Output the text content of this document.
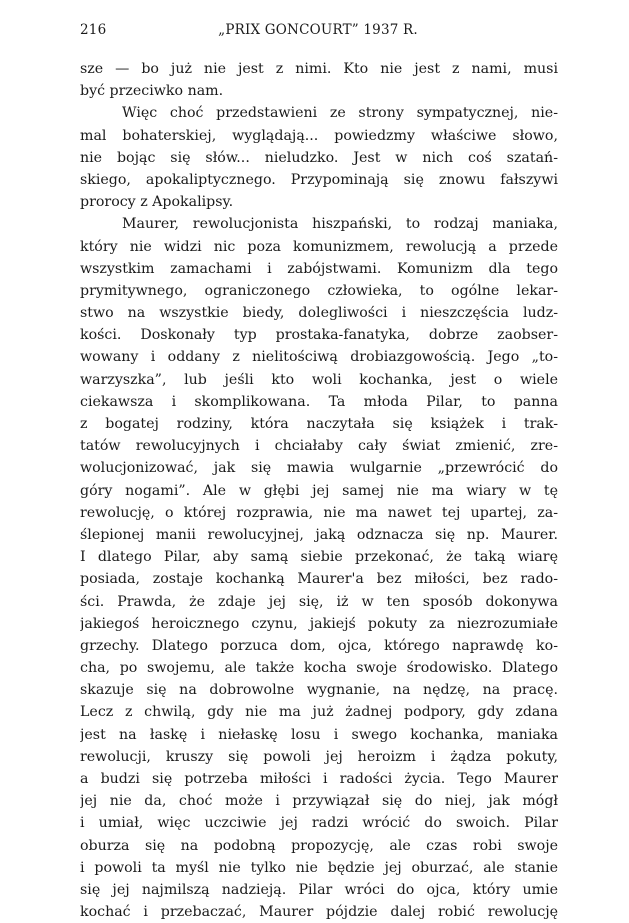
216	„PRIX GONCOURT” 1937 R.
sze — bo już nie jest z nimi. Kto nie jest z nami, musi
być przeciwko nam.
Więc choć przedstawieni ze strony sympatycznej, nie-
mal bohaterskiej, wyglądają... powiedzmy właściwe słowo,
nie bojąc się słów... nieludzko. Jest w nich coś szatań-
skiego, apokaliptycznego. Przypominają się znowu fałszywi
prorocy z Apokalipsy.
Maurer, rewolucjonista hiszpański, to rodzaj maniaka,
który nie widzi nic poza komunizmem, rewolucją a przede
wszystkim zamachami i zabójstwami. Komunizm dla tego
prymitywnego, ograniczonego człowieka, to ogólne lekar-
stwo na wszystkie biedy, dolegliwości i nieszczęścia ludz-
kości. Doskonały typ prostaka-fanatyka, dobrze zaobser-
wowany i oddany z nielitościwą drobiazgowością. Jego „to-
warzyszka”, lub jeśli kto woli kochanka, jest o wiele
ciekawsza i skomplikowana. Ta młoda Pilar, to panna
z bogatej rodziny, która naczytała się książek i trak-
tatów rewolucyjnych i chciałaby cały świat zmienić, zre-
wolucjonizować, jak się mawia wulgarnie „przewrócić do
góry nogami”. Ale w głębi jej samej nie ma wiary w tę
rewolucję, o której rozprawia, nie ma nawet tej upartej, za-
ślepionej manii rewolucyjnej, jaką odznacza się np. Maurer.
I dlatego Pilar, aby samą siebie przekonać, że taką wiarę
posiada, zostaje kochanką Maurer'a bez miłości, bez rado-
ści. Prawda, że zdaje jej się, iż w ten sposób dokonywa
jakiegoś heroicznego czynu, jakiejś pokuty za niezrozumiałe
grzechy. Dlatego porzuca dom, ojca, którego naprawdę ko-
cha, po swojemu, ale także kocha swoje środowisko. Dlatego
skazuje się na dobrowolne wygnanie, na nędzę, na pracę.
Lecz z chwilą, gdy nie ma już żadnej podpory, gdy zdana
jest na łaskę i niełaskę losu i swego kochanka, maniaka
rewolucji, kruszy się powoli jej heroizm i żądza pokuty,
a budzi się potrzeba miłości i radości życia. Tego Maurer
jej nie da, choć może i przywiązał się do niej, jak mógł
i umiał, więc uczciwie jej radzi wrócić do swoich. Pilar
oburza się na podobną propozycję, ale czas robi swoje
i powoli ta myśl nie tylko nie będzie jej oburzać, ale stanie
się jej najmilszą nadzieją. Pilar wróci do ojca, który umie
kochać i przebaczać, Maurer pójdzie dalej robić rewolucję
